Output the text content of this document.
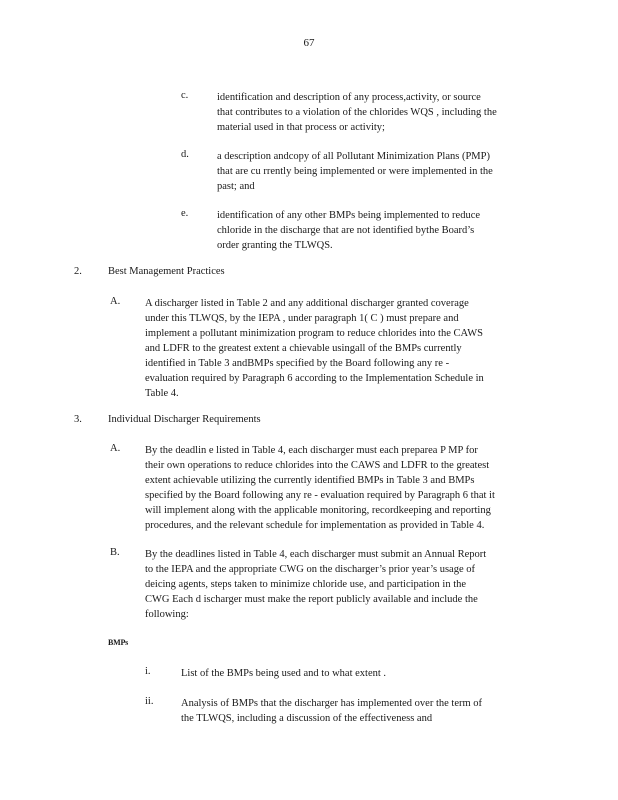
67
c.	identification and description of any process,activity, or source
that contributes to a violation of the chlorides WQS , including the
material used in that process or activity;
d.	a description andcopy of all Pollutant Minimization Plans (PMP)
that are cu rrently being implemented or were implemented in the
past; and
e.	identification of any other BMPs being implemented to reduce
chloride in the discharge that are not identified bythe Board’s
order granting the TLWQS.
2. Best Management Practices
A. A discharger listed in Table 2 and any additional discharger granted coverage
under this TLWQS, by the IEPA , under paragraph 1( C ) must prepare and
implement a pollutant minimization program to reduce chlorides into the CAWS
and LDFR to the greatest extent a chievable usingall of the BMPs currently
identified in Table 3 andBMPs specified by the Board following any re -
evaluation required by Paragraph 6 according to the Implementation Schedule in
Table 4.
3. Individual Discharger Requirements
A. By the deadlin e listed in Table 4, each discharger must each preparea P MP for
their own operations to reduce chlorides into the CAWS and LDFR to the greatest
extent achievable utilizing the currently identified BMPs in Table 3 and BMPs
specified by the Board following any re - evaluation required by Paragraph 6 that it
will implement along with the applicable monitoring, recordkeeping and reporting
procedures, and the relevant schedule for implementation as provided in Table 4.
B. By the deadlines listed in Table 4, each discharger must submit an Annual Report
to the IEPA and the appropriate CWG on the discharger’s prior year’s usage of
deicing agents, steps taken to minimize chloride use, and participation in the
CWG Each d ischarger must make the report publicly available and include the
following:
BMPs
i.	List of the BMPs being used and to what extent .
ii.	Analysis of BMPs that the discharger has implemented over the term of
the TLWQS, including a discussion of the effectiveness and
